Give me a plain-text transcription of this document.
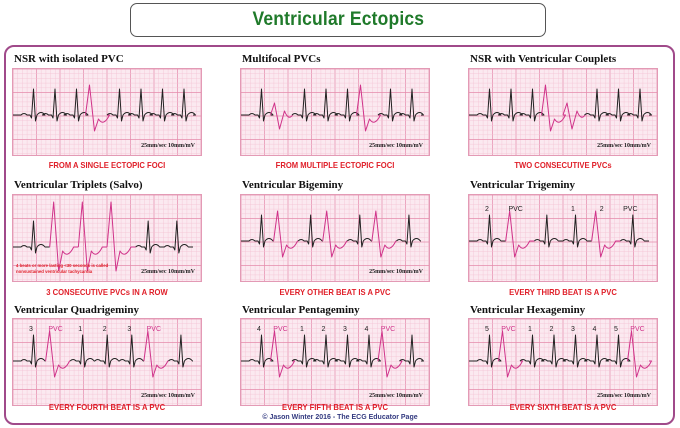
Ventricular Ectopics
NSR with isolated PVC
25mm/sec 10mm/mV
FROM A SINGLE ECTOPIC FOCI
Multifocal PVCs
25mm/sec 10mm/mV
FROM MULTIPLE ECTOPIC FOCI
NSR with Ventricular Couplets
25mm/sec 10mm/mV
TWO CONSECUTIVE PVCs
Ventricular Triplets (Salvo)
25mm/sec 10mm/mV
4 beats or more lasting <30 seconds is called
nonsustained ventricular tachycardia
3 CONSECUTIVE PVCs IN A ROW
Ventricular Bigeminy
25mm/sec 10mm/mV
EVERY OTHER BEAT IS A PVC
Ventricular Trigeminy
2	PVC	1	2	PVC
EVERY THIRD BEAT IS A PVC
Ventricular Quadrigeminy
3 PVC 1	2	3 PVC
25mm/sec 10mm/mV
EVERY FOURTH BEAT IS A PVC
Ventricular Pentageminy
4 PVC 1	2	3	4 PVC
25mm/sec 10mm/mV
EVERY FIFTH BEAT IS A PVC
Ventricular Hexageminy
5 PVC 1	2	3	4	5 PVC
25mm/sec 10mm/mV
EVERY SIXTH BEAT IS A PVC
© Jason Winter 2016 - The ECG Educator Page
